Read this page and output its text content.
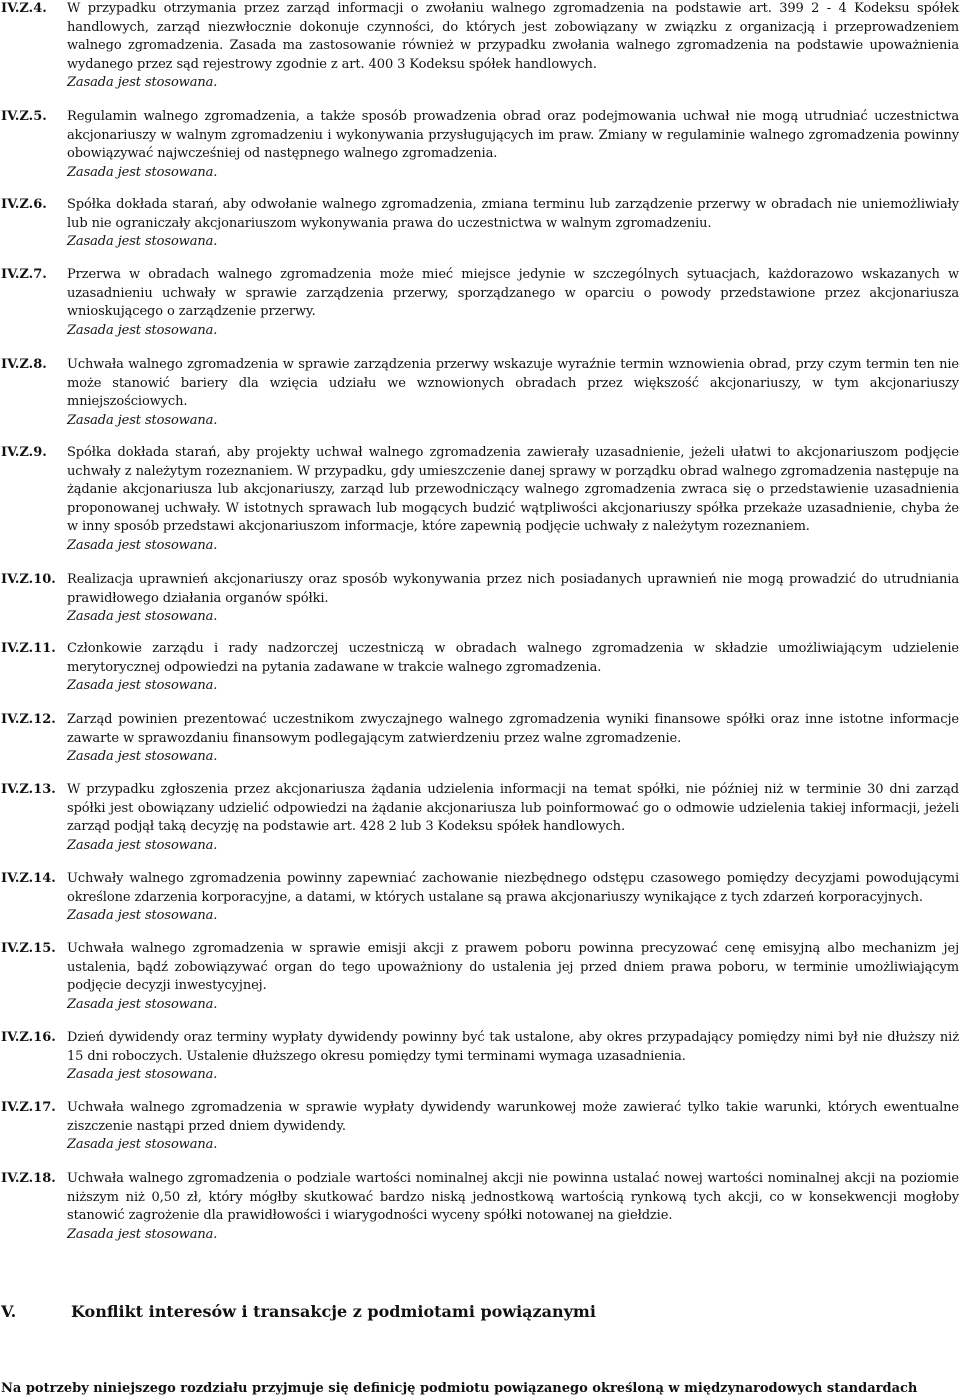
IV.Z.4. W przypadku otrzymania przez zarząd informacji o zwołaniu walnego zgromadzenia na podstawie art. 399 2 - 4 Kodeksu spółek handlowych, zarząd niezwłocznie dokonuje czynności, do których jest zobowiązany w związku z organizacją i przeprowadzeniem walnego zgromadzenia. Zasada ma zastosowanie również w przypadku zwołania walnego zgromadzenia na podstawie upoważnienia wydanego przez sąd rejestrowy zgodnie z art. 400 3 Kodeksu spółek handlowych.

Zasada jest stosowana.
IV.Z.5. Regulamin walnego zgromadzenia, a także sposób prowadzenia obrad oraz podejmowania uchwał nie mogą utrudniać uczestnictwa akcjonariuszy w walnym zgromadzeniu i wykonywania przysługujących im praw. Zmiany w regulaminie walnego zgromadzenia powinny obowiązywać najwcześniej od następnego walnego zgromadzenia.

Zasada jest stosowana.
IV.Z.6. Spółka dokłada starań, aby odwołanie walnego zgromadzenia, zmiana terminu lub zarządzenie przerwy w obradach nie uniemożliwiały lub nie ograniczały akcjonariuszom wykonywania prawa do uczestnictwa w walnym zgromadzeniu.

Zasada jest stosowana.
IV.Z.7. Przerwa w obradach walnego zgromadzenia może mieć miejsce jedynie w szczególnych sytuacjach, każdorazowo wskazanych w uzasadnieniu uchwały w sprawie zarządzenia przerwy, sporządzanego w oparciu o powody przedstawione przez akcjonariusza wnioskującego o zarządzenie przerwy.

Zasada jest stosowana.
IV.Z.8. Uchwała walnego zgromadzenia w sprawie zarządzenia przerwy wskazuje wyraźnie termin wznowienia obrad, przy czym termin ten nie może stanowić bariery dla wzięcia udziału we wznowionych obradach przez większość akcjonariuszy, w tym akcjonariuszy mniejszościowych.

Zasada jest stosowana.
IV.Z.9. Spółka dokłada starań, aby projekty uchwał walnego zgromadzenia zawierały uzasadnienie, jeżeli ułatwi to akcjonariuszom podjęcie uchwały z należytym rozeznaniem. W przypadku, gdy umieszczenie danej sprawy w porządku obrad walnego zgromadzenia następuje na żądanie akcjonariusza lub akcjonariuszy, zarząd lub przewodniczący walnego zgromadzenia zwraca się o przedstawienie uzasadnienia proponowanej uchwały. W istotnych sprawach lub mogących budzić wątpliwości akcjonariuszy spółka przekaże uzasadnienie, chyba że w inny sposób przedstawi akcjonariuszom informacje, które zapewnią podjęcie uchwały z należytym rozeznaniem.

Zasada jest stosowana.
IV.Z.10. Realizacja uprawnień akcjonariuszy oraz sposób wykonywania przez nich posiadanych uprawnień nie mogą prowadzić do utrudniania prawidłowego działania organów spółki.

Zasada jest stosowana.
IV.Z.11. Członkowie zarządu i rady nadzorczej uczestniczą w obradach walnego zgromadzenia w składzie umożliwiającym udzielenie merytorycznej odpowiedzi na pytania zadawane w trakcie walnego zgromadzenia.

Zasada jest stosowana.
IV.Z.12. Zarząd powinien prezentować uczestnikom zwyczajnego walnego zgromadzenia wyniki finansowe spółki oraz inne istotne informacje zawarte w sprawozdaniu finansowym podlegającym zatwierdzeniu przez walne zgromadzenie.

Zasada jest stosowana.
IV.Z.13. W przypadku zgłoszenia przez akcjonariusza żądania udzielenia informacji na temat spółki, nie później niż w terminie 30 dni zarząd spółki jest obowiązany udzielić odpowiedzi na żądanie akcjonariusza lub poinformować go o odmowie udzielenia takiej informacji, jeżeli zarząd podjął taką decyzję na podstawie art. 428 2 lub 3 Kodeksu spółek handlowych.

Zasada jest stosowana.
IV.Z.14. Uchwały walnego zgromadzenia powinny zapewniać zachowanie niezbędnego odstępu czasowego pomiędzy decyzjami powodującymi określone zdarzenia korporacyjne, a datami, w których ustalane są prawa akcjonariuszy wynikające z tych zdarzeń korporacyjnych.

Zasada jest stosowana.
IV.Z.15. Uchwała walnego zgromadzenia w sprawie emisji akcji z prawem poboru powinna precyzować cenę emisyjną albo mechanizm jej ustalenia, bądź zobowiązywać organ do tego upoważniony do ustalenia jej przed dniem prawa poboru, w terminie umożliwiającym podjęcie decyzji inwestycyjnej.

Zasada jest stosowana.
IV.Z.16. Dzień dywidendy oraz terminy wypłaty dywidendy powinny być tak ustalone, aby okres przypadający pomiędzy nimi był nie dłuższy niż 15 dni roboczych. Ustalenie dłuższego okresu pomiędzy tymi terminami wymaga uzasadnienia.

Zasada jest stosowana.
IV.Z.17. Uchwała walnego zgromadzenia w sprawie wypłaty dywidendy warunkowej może zawierać tylko takie warunki, których ewentualne ziszczenie nastąpi przed dniem dywidendy.

Zasada jest stosowana.
IV.Z.18. Uchwała walnego zgromadzenia o podziale wartości nominalnej akcji nie powinna ustalać nowej wartości nominalnej akcji na poziomie niższym niż 0,50 zł, który mógłby skutkować bardzo niską jednostkową wartością rynkową tych akcji, co w konsekwencji mogłoby stanowić zagrożenie dla prawidłowości i wiarygodności wyceny spółki notowanej na giełdzie.

Zasada jest stosowana.
V.	Konflikt interesów i transakcje z podmiotami powiązanymi
Na potrzeby niniejszego rozdziału przyjmuje się definicję podmiotu powiązanego określoną w międzynarodowych standardach
